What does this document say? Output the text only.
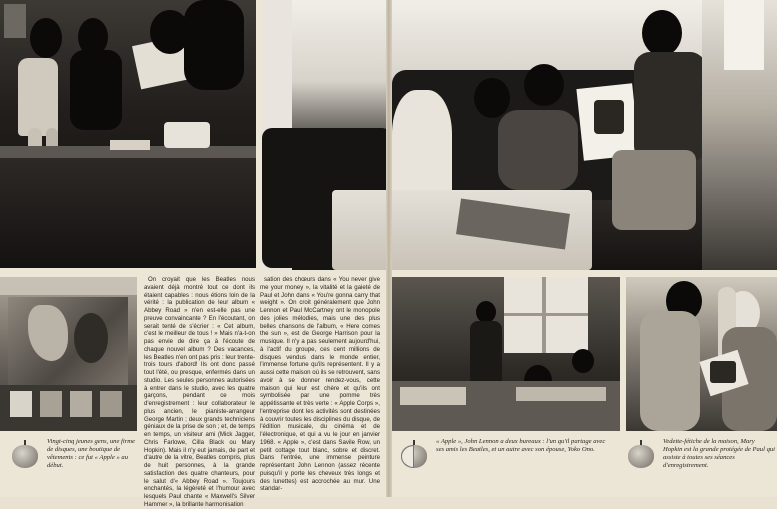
On croyait que les Beatles nous avaient déjà montré tout ce dont ils étaient capables : nous étions loin de la vérité : la publication de leur album « Abbey Road » n'en est-elle pas une preuve convaincante ? En l'écoutant, on serait tenté de s'écrier : « Cet album, c'est le meilleur de tous ! » Mais n'a-t-on pas envie de dire ça à l'écoute de chaque nouvel album ? Des vacances, les Beatles n'en ont pas pris : leur trente-trois tours d'abord! Ils ont donc passé tout l'été, ou presque, enfermés dans un studio. Les seules personnes autorisées à entrer dans le studio, avec les quatre garçons, pendant ce mois d'enregistrement : leur collaborateur le plus ancien, le pianiste-arrangeur George Martin ; deux grands techniciens géniaux de la prise de son ; et, de temps en temps, un visiteur ami (Mick Jagger, Chris Farlowe, Cilla Black ou Mary Hopkin). Mais il n'y eut jamais, de part et d'autre de la vitre, Beatles compris, plus de huit personnes, à la grande satisfaction des quatre chanteurs, pour le salut d'« Abbey Road ». Toujours enchantés, la légèreté et l'humour avec lesquels Paul chante « Maxwell's Silver Hammer », la brillante harmonisation

sation des chœurs dans « You never give me your money », la vitalité et la gaieté de Paul et John dans « You're gonna carry that weight ». On croit généralement que John Lennon et Paul McCartney ont le monopole des jolies mélodies, mais une des plus belles chansons de l'album, « Here comes the sun », est de George Harrison pour la musique. Il n'y a pas seulement aujourd'hui, à l'actif du groupe, ces cent millions de disques vendus dans le monde entier, l'immense fortune qu'ils représentent. Il y a aussi cette maison où ils se retrouvent, sans avoir à se donner rendez-vous, cette maison qui leur est chère et qu'ils ont symbolisée par une pomme très appétissante et très verte : « Apple Corps », l'entreprise dont les activités sont destinées à couvrir toutes les disciplines du disque, de l'édition musicale, du cinéma et de l'électronique, et qui a vu le jour en janvier 1968. « Apple », c'est dans Savile Row, un petit cottage tout blanc, sobre et discret. Dans l'entrée, une immense peinture représentant John Lennon (assez récente puisqu'il y porte les cheveux très longs et des lunettes) est accrochée au mur. Une standar-

Vingt-cinq jeunes gens, une firme de disques, une boutique de vêtements : ce fut « Apple » au début.
« Apple », John Lennon a deux bureaux : l'un qu'il partage avec ses amis les Beatles, et un autre avec son épouse, Yoko Ono.
Vedette-fétiche de la maison, Mary Hopkin est la grande protégée de Paul qui assiste à toutes ses séances d'enregistrement.
